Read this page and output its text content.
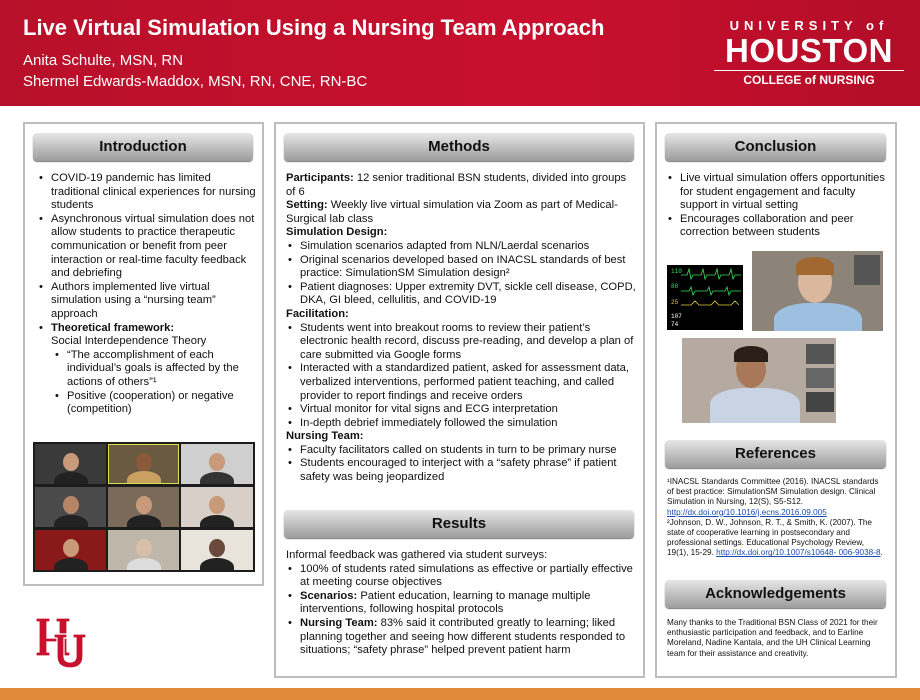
Live Virtual Simulation Using a Nursing Team Approach
Anita Schulte, MSN, RN
Shermel Edwards-Maddox, MSN, RN, CNE, RN-BC
UNIVERSITY of
HOUSTON
COLLEGE of NURSING
Introduction
• COVID-19 pandemic has limited traditional clinical experiences for nursing students
• Asynchronous virtual simulation does not allow students to practice therapeutic communication or benefit from peer interaction or real-time faculty feedback and debriefing
• Authors implemented live virtual simulation using a “nursing team” approach
• Theoretical framework:
Social Interdependence Theory
• “The accomplishment of each individual’s goals is affected by the actions of others”¹
• Positive (cooperation) or negative (competition)
Methods
Participants: 12 senior traditional BSN students, divided into groups of 6
Setting: Weekly live virtual simulation via Zoom as part of Medical-Surgical lab class
Simulation Design:
• Simulation scenarios adapted from NLN/Laerdal scenarios
• Original scenarios developed based on INACSL standards of best practice: SimulationSM Simulation design²
• Patient diagnoses: Upper extremity DVT, sickle cell disease, COPD, DKA, GI bleed, cellulitis, and COVID-19
Facilitation:
• Students went into breakout rooms to review their patient’s electronic health record, discuss pre-reading, and develop a plan of care submitted via Google forms
• Interacted with a standardized patient, asked for assessment data, verbalized interventions, performed patient teaching, and called provider to report findings and receive orders
• Virtual monitor for vital signs and ECG interpretation
• In-depth debrief immediately followed the simulation
Nursing Team:
• Faculty facilitators called on students in turn to be primary nurse
• Students encouraged to interject with a “safety phrase” if patient safety was being jeopardized
Results
Informal feedback was gathered via student surveys:
• 100% of students rated simulations as effective or partially effective at meeting course objectives
• Scenarios: Patient education, learning to manage multiple interventions, following hospital protocols
• Nursing Team: 83% said it contributed greatly to learning; liked planning together and seeing how different students responded to situations; “safety phrase” helped prevent patient harm
Conclusion
• Live virtual simulation offers opportunities for student engagement and faculty support in virtual setting
• Encourages collaboration and peer correction between students
110
88
25
107
74
References
¹INACSL Standards Committee (2016). INACSL standards of best practice: SimulationSM Simulation design. Clinical Simulation in Nursing, 12(S), S5-S12. http://dx.doi.org/10.1016/j.ecns.2016.09.005
²Johnson, D. W., Johnson, R. T., & Smith, K. (2007). The state of cooperative learning in postsecondary and professional settings. Educational Psychology Review, 19(1), 15-29. http://dx.doi.org/10.1007/s10648- 006-9038-8.
Acknowledgements
Many thanks to the Traditional BSN Class of 2021 for their enthusiastic participation and feedback, and to Earline Moreland, Nadine Kantala, and the UH Clinical Learning team for their assistance and creativity.
